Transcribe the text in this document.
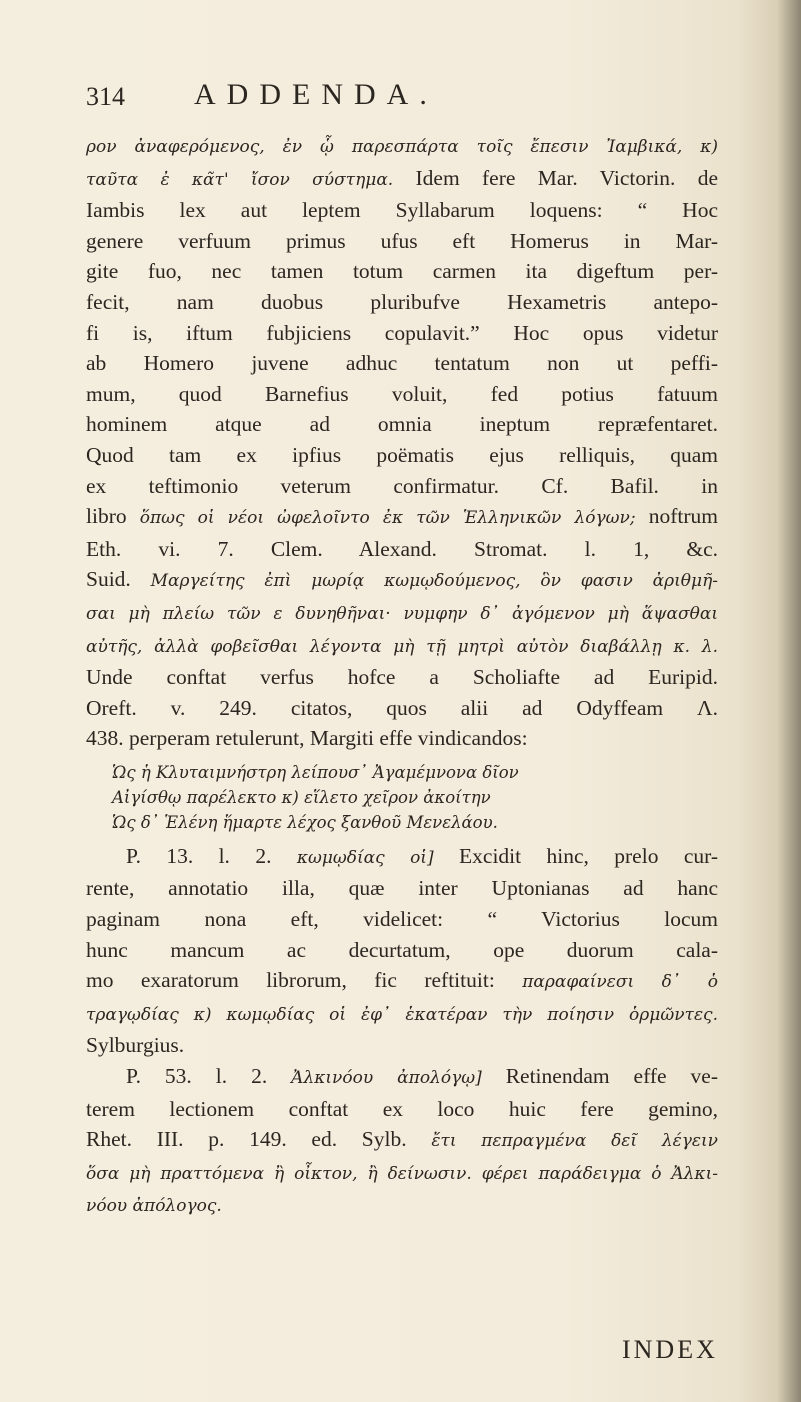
314 ADDENDA.

ρον ἀναφερόμενος, ἐν ᾧ παρεσπάρτα τοῖς ἔπεσιν Ἰαμβικά, κ)
ταῦτα ἐ κα̃τ' ἴσον σύστημα. Idem fere Mar. Victorin. de
Iambis lex aut leptem Syllabarum loquens: “ Hoc
genere verfuum primus ufus eft Homerus in Mar-
gite fuo, nec tamen totum carmen ita digeftum per-
fecit, nam duobus pluribufve Hexametris antepo-
fi is, iftum fubjiciens copulavit.” Hoc opus videtur
ab Homero juvene adhuc tentatum non ut peffi-
mum, quod Barnefius voluit, fed potius fatuum
hominem atque ad omnia ineptum repræfentaret.
Quod tam ex ipfius poëmatis ejus relliquis, quam
ex teftimonio veterum confirmatur. Cf. Bafil. in
libro ὅπως οἱ νέοι ὠφελοῖντο ἐκ τῶν Ἑλληνικῶν λόγων; noftrum
Eth. vi. 7. Clem. Alexand. Stromat. l. 1, &c.
Suid. Μαργείτης ἐπὶ μωρίᾳ κωμῳδούμενος, ὃν φασιν ἀριθμῆ-
σαι μὴ πλείω τῶν ε δυνηθῆναι· νυμφην δ᾽ ἀγόμενον μὴ ἅψασθαι
αὐτῆς, ἀλλὰ φοβεῖσθαι λέγοντα μὴ τῇ μητρὶ αὐτὸν διαβάλλῃ κ. λ.
Unde conftat verfus hofce a Scholiafte ad Euripid.
Oreft. v. 249. citatos, quos alii ad Odyffeam Λ.
438. perperam retulerunt, Margiti effe vindicandos:

Ὡς ἡ Κλυταιμνήστρη λείπουσ᾽ Ἀγαμέμνονα δῖον
Αἰγίσθῳ παρέλεκτο κ) εἵλετο χεῖρον ἀκοίτην
Ὡς δ᾽ Ἑλένη ἥμαρτε λέχος ξανθοῦ Μενελάου.

P. 13. l. 2. κωμῳδίας οἱ] Excidit hinc, prelo cur-
rente, annotatio illa, quæ inter Uptonianas ad hanc
paginam nona eft, videlicet: “ Victorius locum
hunc mancum ac decurtatum, ope duorum cala-
mo exaratorum librorum, fic reftituit: παραφαίνεσι δ᾽ ὁ
τραγῳδίας κ) κωμῳδίας οἱ ἐφ᾽ ἑκατέραν τὴν ποίησιν ὁρμῶντες.
Sylburgius.
P. 53. l. 2. Ἀλκινόου ἀπολόγῳ] Retinendam effe ve-
terem lectionem conftat ex loco huic fere gemino,
Rhet. III. p. 149. ed. Sylb. ἔτι πεπραγμένα δεῖ λέγειν
ὅσα μὴ πραττόμενα ἢ οἶκτον, ἢ δείνωσιν. φέρει παράδειγμα ὁ Ἀλκι-
νόου ἀπόλογος.

INDEX
